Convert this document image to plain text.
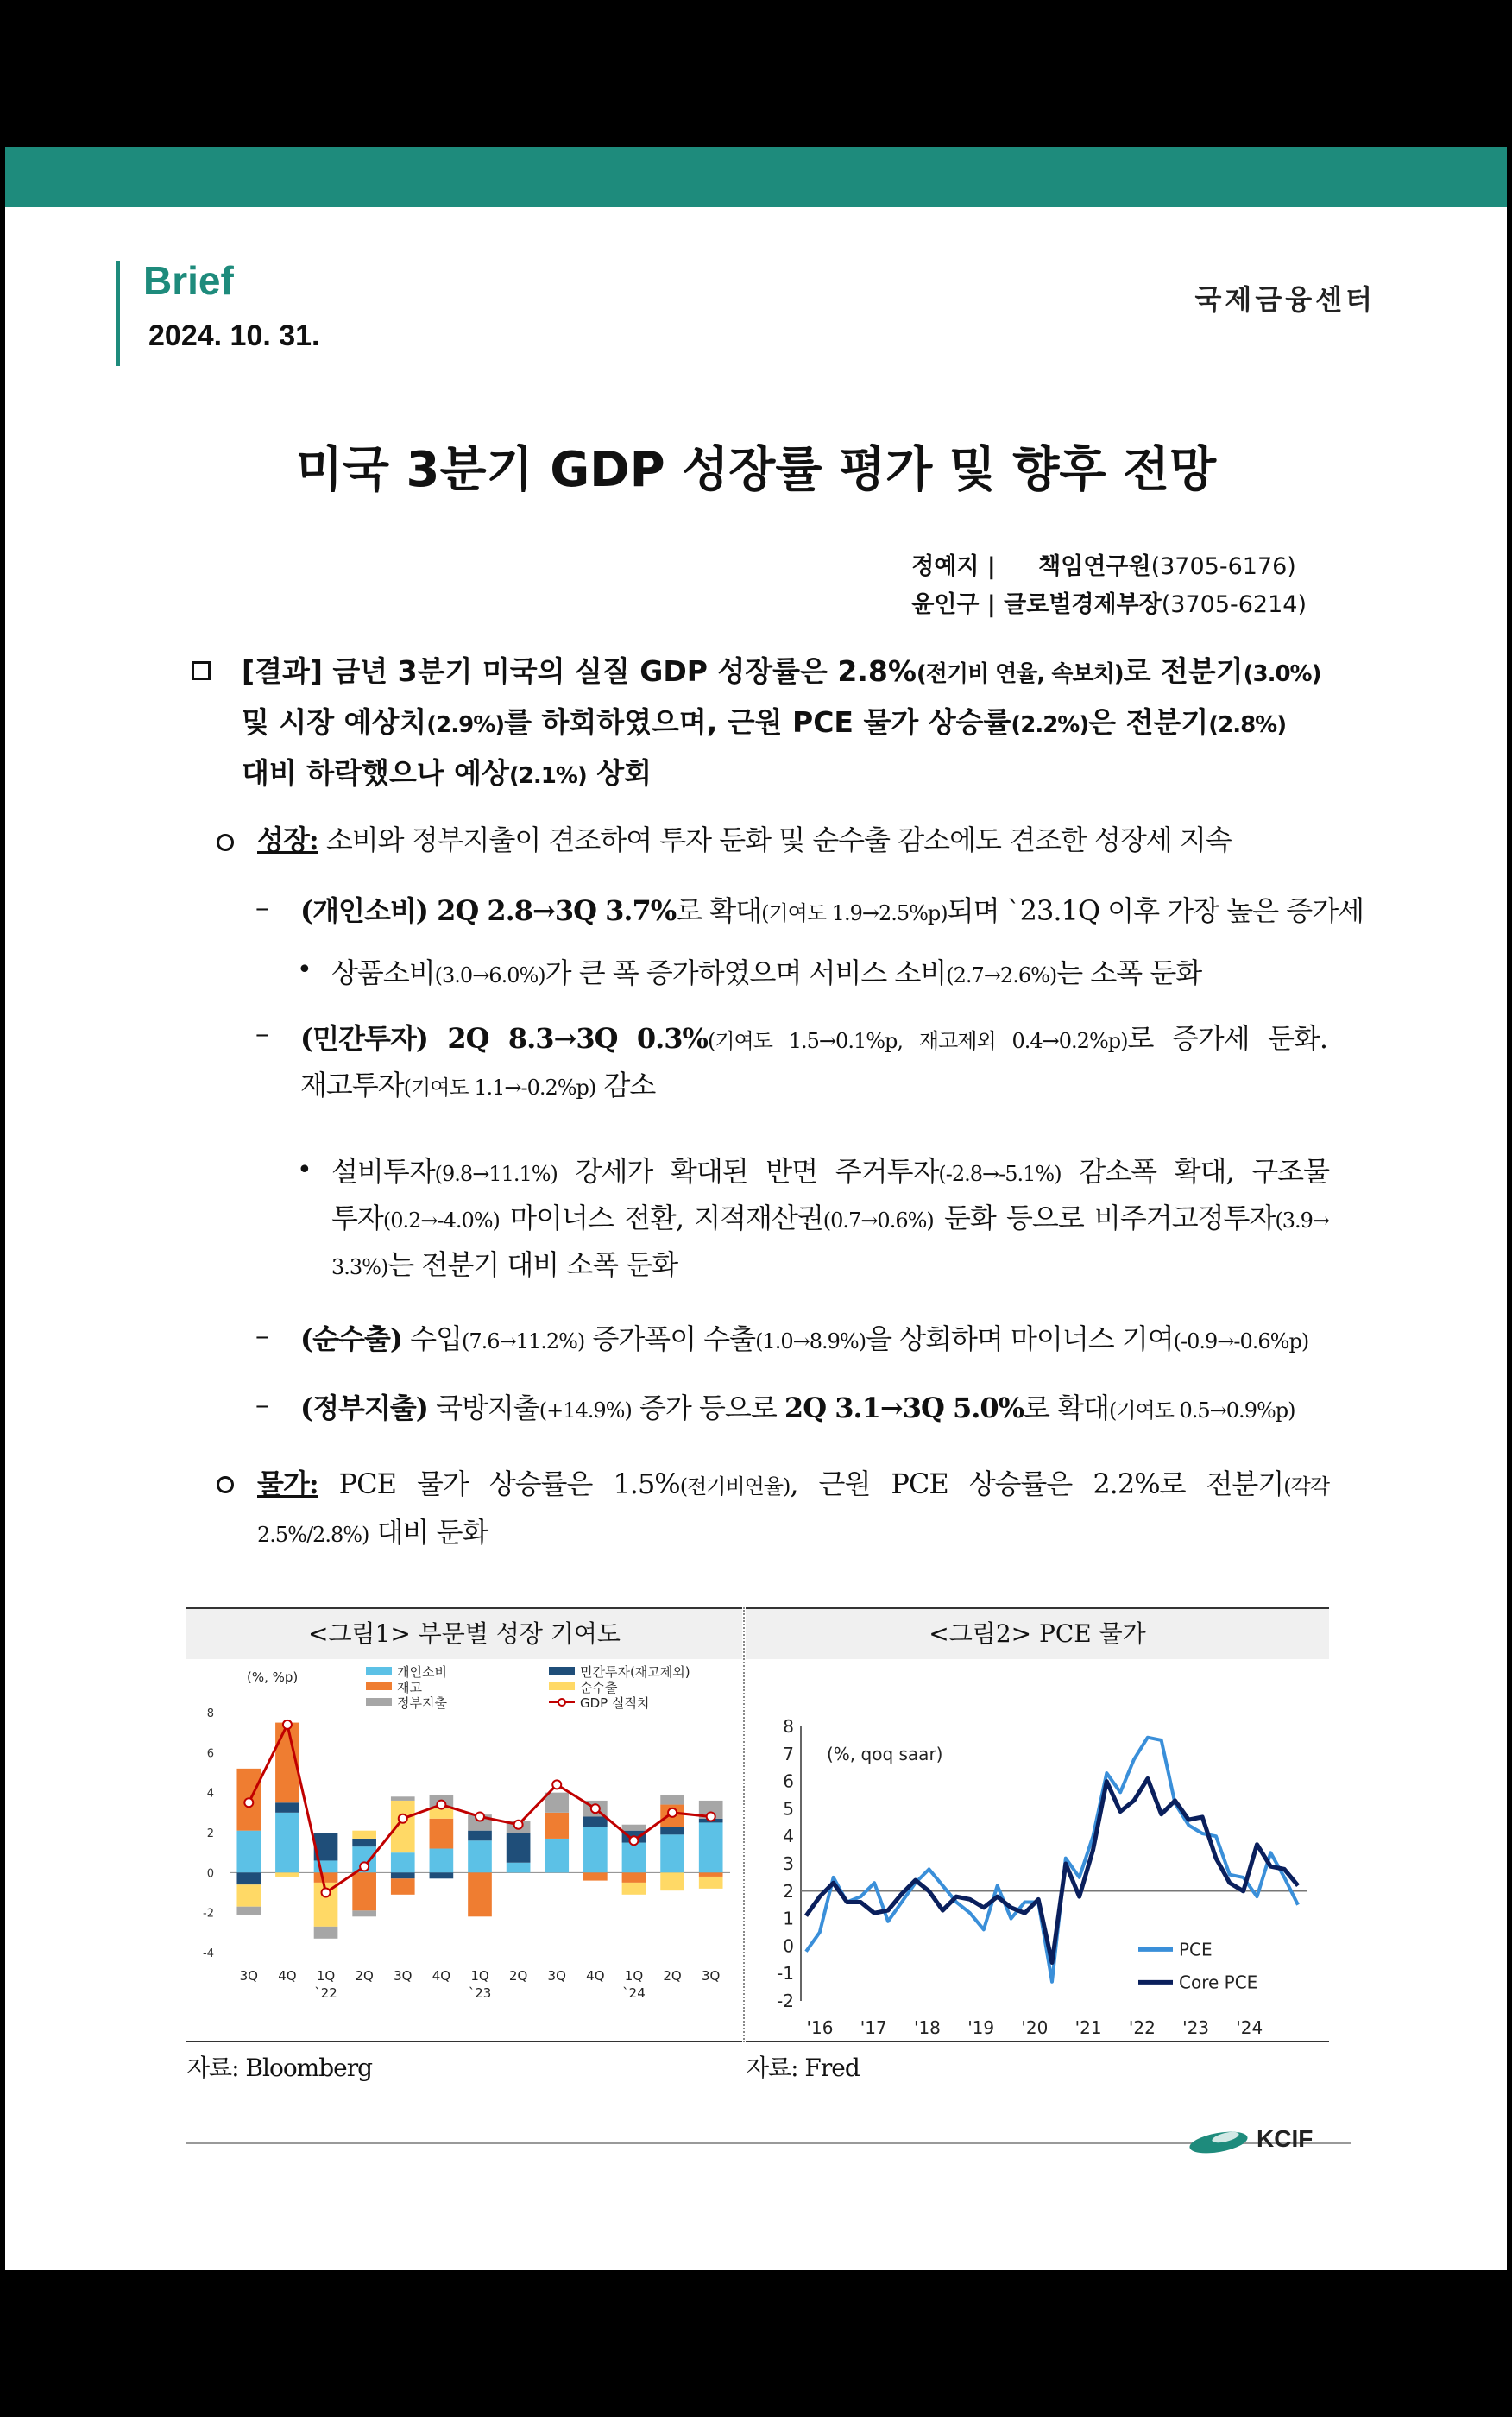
Brief
2024. 10. 31.
국제금융센터
미국 3분기 GDP 성장률 평가 및 향후 전망
정예지 | 책임연구원(3705-6176)
윤인구 | 글로벌경제부장(3705-6214)
[결과] 금년 3분기 미국의 실질 GDP 성장률은 2.8%(전기비 연율, 속보치)로 전분기(3.0%)
및 시장 예상치(2.9%)를 하회하였으며, 근원 PCE 물가 상승률(2.2%)은 전분기(2.8%)
대비 하락했으나 예상(2.1%) 상회
성장: 소비와 정부지출이 견조하여 투자 둔화 및 순수출 감소에도 견조한 성장세 지속
– (개인소비) 2Q 2.8→3Q 3.7%로 확대(기여도 1.9→2.5%p)되며 `23.1Q 이후 가장 높은 증가세
• 상품소비(3.0→6.0%)가 큰 폭 증가하였으며 서비스 소비(2.7→2.6%)는 소폭 둔화
– (민간투자) 2Q 8.3→3Q 0.3%(기여도 1.5→0.1%p, 재고제외 0.4→0.2%p)로 증가세 둔화.
재고투자(기여도 1.1→-0.2%p) 감소
• 설비투자(9.8→11.1%) 강세가 확대된 반면 주거투자(-2.8→-5.1%) 감소폭 확대, 구조물
투자(0.2→-4.0%) 마이너스 전환, 지적재산권(0.7→0.6%) 둔화 등으로 비주거고정투자(3.9→
3.3%)는 전분기 대비 소폭 둔화
– (순수출) 수입(7.6→11.2%) 증가폭이 수출(1.0→8.9%)을 상회하며 마이너스 기여(-0.9→-0.6%p)
– (정부지출) 국방지출(+14.9%) 증가 등으로 2Q 3.1→3Q 5.0%로 확대(기여도 0.5→0.9%p)
물가: PCE 물가 상승률은 1.5%(전기비연율), 근원 PCE 상승률은 2.2%로 전분기(각각
2.5%/2.8%) 대비 둔화
<그림1> 부문별 성장 기여도
(%, %p)	개인소비	민간투자(재고제외)
재고	순수출
정부지출	GDP 실적치
8
6
4
2
0
-2
-4
3Q 4Q 1Q 2Q 3Q 4Q 1Q 2Q 3Q 4Q 1Q 2Q 3Q
`22	`23	`24
<그림2> PCE 물가
8
7
6
5
4
3
2
1
0
-1
-2
(%, qoq saar)
'16 '17 '18 '19 '20 '21 '22 '23 '24
PCE
Core PCE
자료: Bloomberg	자료: Fred
KCIF
